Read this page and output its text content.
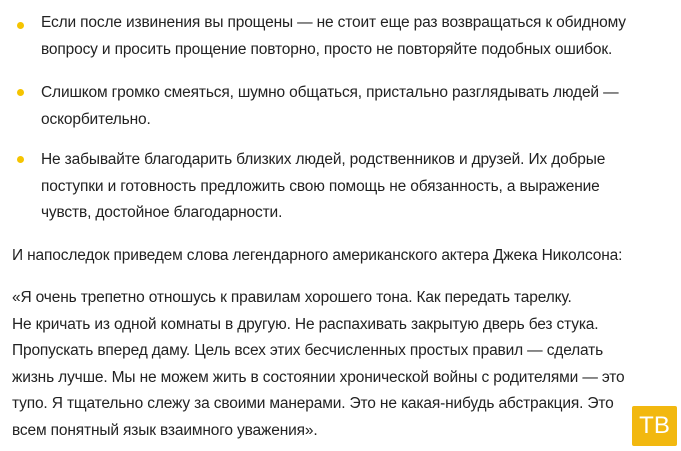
Если после извинения вы прощены — не стоит еще раз возвращаться к обидному
вопросу и просить прощение повторно, просто не повторяйте подобных ошибок.

Слишком громко смеяться, шумно общаться, пристально разглядывать людей —
оскорбительно.

Не забывайте благодарить близких людей, родственников и друзей. Их добрые
поступки и готовность предложить свою помощь не обязанность, а выражение
чувств, достойное благодарности.

И напоследок приведем слова легендарного американского актера Джека Николсона:

«Я очень трепетно отношусь к правилам хорошего тона. Как передать тарелку.
Не кричать из одной комнаты в другую. Не распахивать закрытую дверь без стука.
Пропускать вперед даму. Цель всех этих бесчисленных простых правил — сделать
жизнь лучше. Мы не можем жить в состоянии хронической войны с родителями — это
тупо. Я тщательно слежу за своими манерами. Это не какая-нибудь абстракция. Это
всем понятный язык взаимного уважения».	ТВ
